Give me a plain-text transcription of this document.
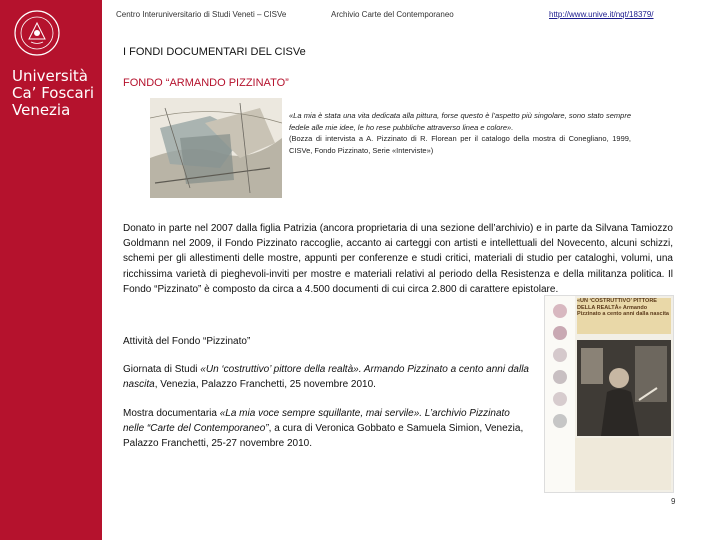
Università
Ca’ Foscari
Venezia
Centro Interuniversitario di Studi Veneti – CISVe	Archivio Carte del Contemporaneo	http://www.unive.it/nqt/18379/
I FONDI DOCUMENTARI DEL CISVe
FONDO “ARMANDO PIZZINATO”
«La mia è stata una vita dedicata alla pittura, forse questo è l’aspetto più singolare, sono stato sempre fedele alle mie idee, le ho rese pubbliche attraverso linea e colore».
(Bozza di intervista a A. Pizzinato di R. Florean per il catalogo della mostra di Conegliano, 1999, CISVe, Fondo Pizzinato, Serie «Interviste»)
Donato in parte nel 2007 dalla figlia Patrizia (ancora proprietaria di una sezione dell’archivio) e in parte da Silvana Tamiozzo Goldmann nel 2009, il Fondo Pizzinato raccoglie, accanto ai carteggi con artisti e intellettuali del Novecento, alcuni schizzi, schemi per gli allestimenti delle mostre, appunti per conferenze e studi critici, materiali di studio per cataloghi, volumi, una ricchissima varietà di pieghevoli-inviti per mostre e materiali relativi al periodo della Resistenza e della militanza politica. Il Fondo “Pizzinato” è composto da circa a 4.500 documenti di cui circa 2.800 di carattere epistolare.
Attività del Fondo “Pizzinato”
Giornata di Studi «Un ‘costruttivo’ pittore della realtà». Armando Pizzinato a cento anni dalla nascita, Venezia, Palazzo Franchetti, 25 novembre 2010.
Mostra documentaria «La mia voce sempre squillante, mai servile». L’archivio Pizzinato nelle “Carte del Contemporaneo”, a cura di Veronica Gobbato e Samuela Simion, Venezia, Palazzo Franchetti, 25-27 novembre 2010.
«UN ‘COSTRUTTIVO’ PITTORE DELLA REALTÀ» Armando Pizzinato a cento anni dalla nascita
9
